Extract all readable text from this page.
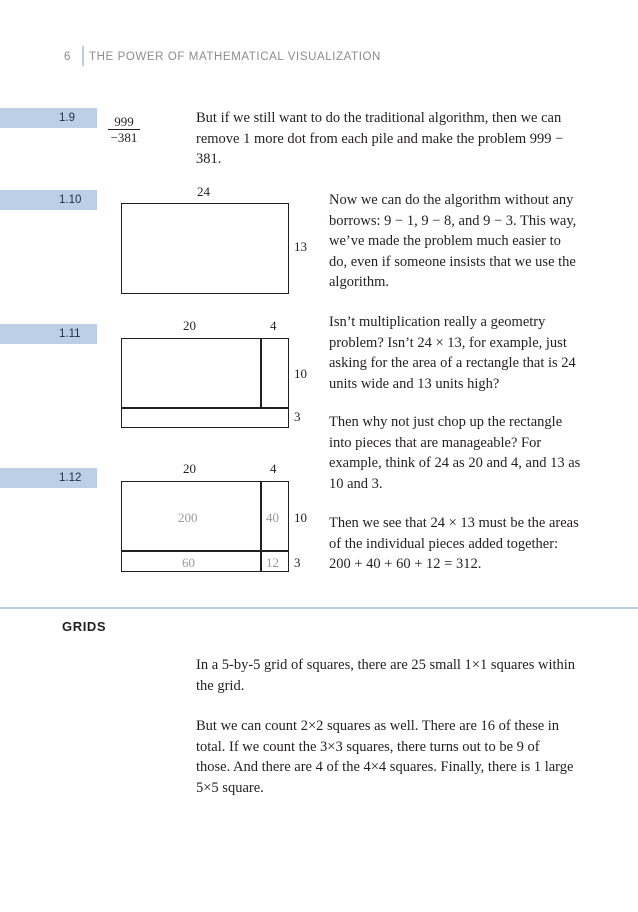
6 THE POWER OF MATHEMATICAL VISUALIZATION
1.9
1.10
1.11
1.12
999
−381
24
13
20	4
10
3
20	4
200	40
60	12
10
3

But if we still want to do the traditional algorithm, then we can remove 1 more dot from each pile and make the problem 999 − 381.

Now we can do the algorithm without any borrows: 9 − 1, 9 − 8, and 9 − 3. This way, we’ve made the problem much easier to do, even if someone insists that we use the algorithm.

Isn’t multiplication really a geometry problem? Isn’t 24 × 13, for example, just asking for the area of a rectangle that is 24 units wide and 13 units high?

Then why not just chop up the rectangle into pieces that are manageable? For example, think of 24 as 20 and 4, and 13 as 10 and 3.

Then we see that 24 × 13 must be the areas of the individual pieces added together: 200 + 40 + 60 + 12 = 312.

GRIDS

In a 5-by-5 grid of squares, there are 25 small 1×1 squares within the grid.

But we can count 2×2 squares as well. There are 16 of these in total. If we count the 3×3 squares, there turns out to be 9 of those. And there are 4 of the 4×4 squares. Finally, there is 1 large 5×5 square.
